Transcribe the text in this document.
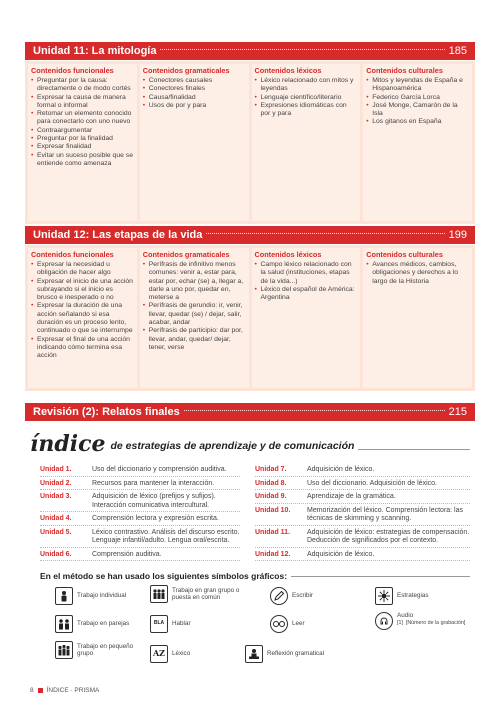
Unidad 11: La mitología	185
Contenidos funcionales
• Preguntar por la causa: directamente o de modo cortés
• Expresar la causa de manera formal o informal
• Retomar un elemento conocido para conectarlo con uno nuevo
• Contraargumentar
• Preguntar por la finalidad
• Expresar finalidad
• Evitar un suceso posible que se entiende como amenaza
Contenidos gramaticales
• Conectores causales
• Conectores finales
• Causa/finalidad
• Usos de por y para
Contenidos léxicos
• Léxico relacionado con mitos y leyendas
• Lenguaje científico/literario
• Expresiones idiomáticas con por y para
Contenidos culturales
• Mitos y leyendas de España e Hispanoamérica
• Federico García Lorca
• José Monge, Camarón de la Isla
• Los gitanos en España
Unidad 12: Las etapas de la vida	199
Contenidos funcionales
• Expresar la necesidad u obligación de hacer algo
• Expresar el inicio de una acción subrayando si el inicio es brusco e inesperado o no
• Expresar la duración de una acción señalando si esa duración es un proceso lento, continuado o que se interrumpe
• Expresar el final de una acción indicando cómo termina esa acción
Contenidos gramaticales
• Perífrasis de infinitivo menos comunes: venir a, estar para, estar por, echar (se) a, llegar a, darle a uno por, quedar en, meterse a
• Perífrasis de gerundio: ir, venir, llevar, quedar (se) / dejar, salir, acabar, andar
• Perífrasis de participio: dar por, llevar, andar, quedar/ dejar, tener, verse
Contenidos léxicos
• Campo léxico relacionado con la salud (instituciones, etapas de la vida...)
• Léxico del español de América: Argentina
Contenidos culturales
• Avances médicos, cambios, obligaciones y derechos a lo largo de la Historia
Revisión (2): Relatos finales	215
índice de estrategias de aprendizaje y de comunicación
Unidad 1.	Uso del diccionario y comprensión auditiva.
Unidad 2.	Recursos para mantener la interacción.
Unidad 3.	Adquisición de léxico (prefijos y sufijos). Interacción comunicativa intercultural.
Unidad 4.	Comprensión lectora y expresión escrita.
Unidad 5.	Léxico contrastivo. Análisis del discurso escrito. Lenguaje infantil/adulto. Lengua oral/escrita.
Unidad 6.	Comprensión auditiva.
Unidad 7.	Adquisición de léxico.
Unidad 8.	Uso del diccionario. Adquisición de léxico.
Unidad 9.	Aprendizaje de la gramática.
Unidad 10.	Memorización del léxico. Comprensión lectora: las técnicas de skimming y scanning.
Unidad 11.	Adquisición de léxico: estrategias de compensación. Deducción de significados por el contexto.
Unidad 12.	Adquisición de léxico.
En el método se han usado los siguientes símbolos gráficos:
Trabajo individual
Trabajo en gran grupo o puesta en común	Escribir	Estrategias
Trabajo en parejas	BLA	Hablar	Leer
Audio
[1] [Número de la grabación]
Trabajo en pequeño grupo	AZ	Léxico	Reflexión gramatical
8 ÍNDICE · PRISMA
